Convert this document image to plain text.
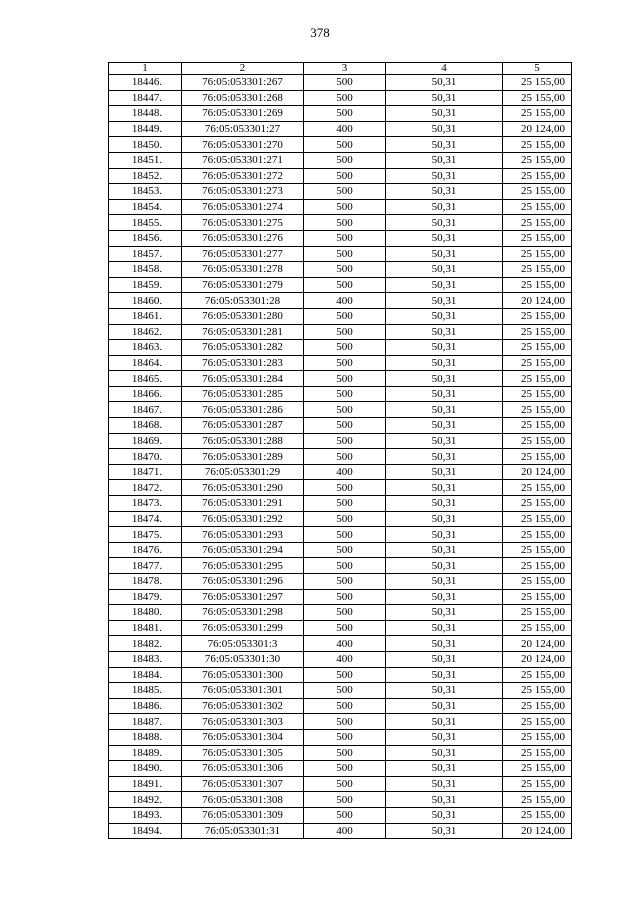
378
1	2	3	4	5
18446.	76:05:053301:267	500	50,31	25 155,00
18447.	76:05:053301:268	500	50,31	25 155,00
18448.	76:05:053301:269	500	50,31	25 155,00
18449.	76:05:053301:27	400	50,31	20 124,00
18450.	76:05:053301:270	500	50,31	25 155,00
18451.	76:05:053301:271	500	50,31	25 155,00
18452.	76:05:053301:272	500	50,31	25 155,00
18453.	76:05:053301:273	500	50,31	25 155,00
18454.	76:05:053301:274	500	50,31	25 155,00
18455.	76:05:053301:275	500	50,31	25 155,00
18456.	76:05:053301:276	500	50,31	25 155,00
18457.	76:05:053301:277	500	50,31	25 155,00
18458.	76:05:053301:278	500	50,31	25 155,00
18459.	76:05:053301:279	500	50,31	25 155,00
18460.	76:05:053301:28	400	50,31	20 124,00
18461.	76:05:053301:280	500	50,31	25 155,00
18462.	76:05:053301:281	500	50,31	25 155,00
18463.	76:05:053301:282	500	50,31	25 155,00
18464.	76:05:053301:283	500	50,31	25 155,00
18465.	76:05:053301:284	500	50,31	25 155,00
18466.	76:05:053301:285	500	50,31	25 155,00
18467.	76:05:053301:286	500	50,31	25 155,00
18468.	76:05:053301:287	500	50,31	25 155,00
18469.	76:05:053301:288	500	50,31	25 155,00
18470.	76:05:053301:289	500	50,31	25 155,00
18471.	76:05:053301:29	400	50,31	20 124,00
18472.	76:05:053301:290	500	50,31	25 155,00
18473.	76:05:053301:291	500	50,31	25 155,00
18474.	76:05:053301:292	500	50,31	25 155,00
18475.	76:05:053301:293	500	50,31	25 155,00
18476.	76:05:053301:294	500	50,31	25 155,00
18477.	76:05:053301:295	500	50,31	25 155,00
18478.	76:05:053301:296	500	50,31	25 155,00
18479.	76:05:053301:297	500	50,31	25 155,00
18480.	76:05:053301:298	500	50,31	25 155,00
18481.	76:05:053301:299	500	50,31	25 155,00
18482.	76:05:053301:3	400	50,31	20 124,00
18483.	76:05:053301:30	400	50,31	20 124,00
18484.	76:05:053301:300	500	50,31	25 155,00
18485.	76:05:053301:301	500	50,31	25 155,00
18486.	76:05:053301:302	500	50,31	25 155,00
18487.	76:05:053301:303	500	50,31	25 155,00
18488.	76:05:053301:304	500	50,31	25 155,00
18489.	76:05:053301:305	500	50,31	25 155,00
18490.	76:05:053301:306	500	50,31	25 155,00
18491.	76:05:053301:307	500	50,31	25 155,00
18492.	76:05:053301:308	500	50,31	25 155,00
18493.	76:05:053301:309	500	50,31	25 155,00
18494.	76:05:053301:31	400	50,31	20 124,00
